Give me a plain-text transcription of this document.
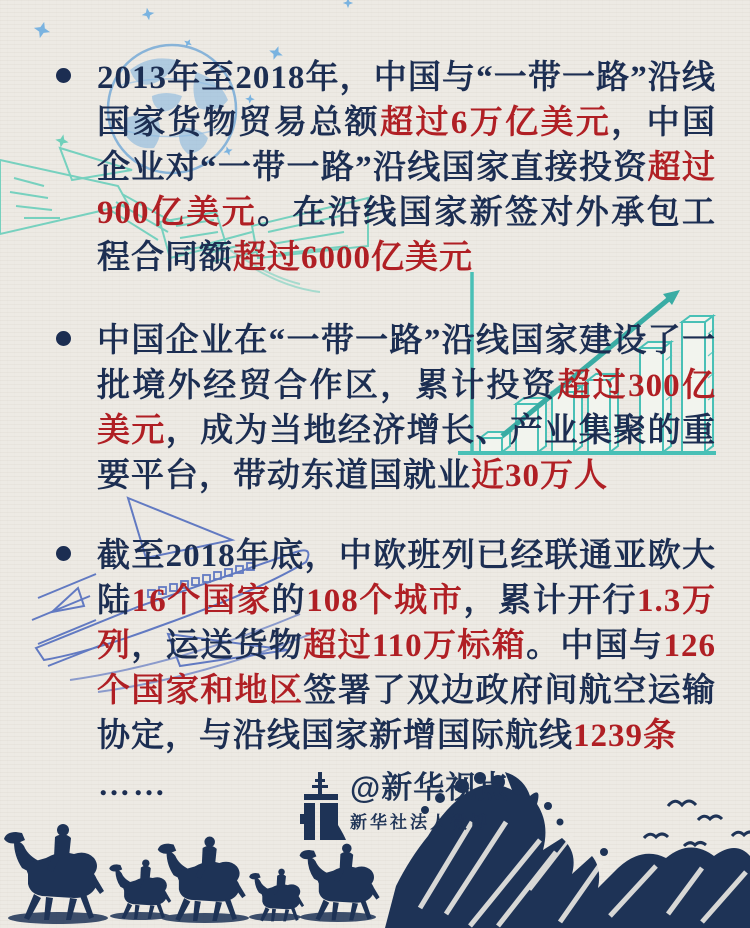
2013年至2018年，中国与“一带一路”沿线国家货物贸易总额超过6万亿美元，中国企业对“一带一路”沿线国家直接投资超过900亿美元。在沿线国家新签对外承包工程合同额超过6000亿美元

中国企业在“一带一路”沿线国家建设了一批境外经贸合作区，累计投资超过300亿美元，成为当地经济增长、产业集聚的重要平台，带动东道国就业近30万人

截至2018年底，中欧班列已经联通亚欧大陆16个国家的108个城市，累计开行1.3万列，运送货物超过110万标箱。中国与126个国家和地区签署了双边政府间航空运输协定，与沿线国家新增国际航线1239条

……	@新华视点
新华社法人微博
